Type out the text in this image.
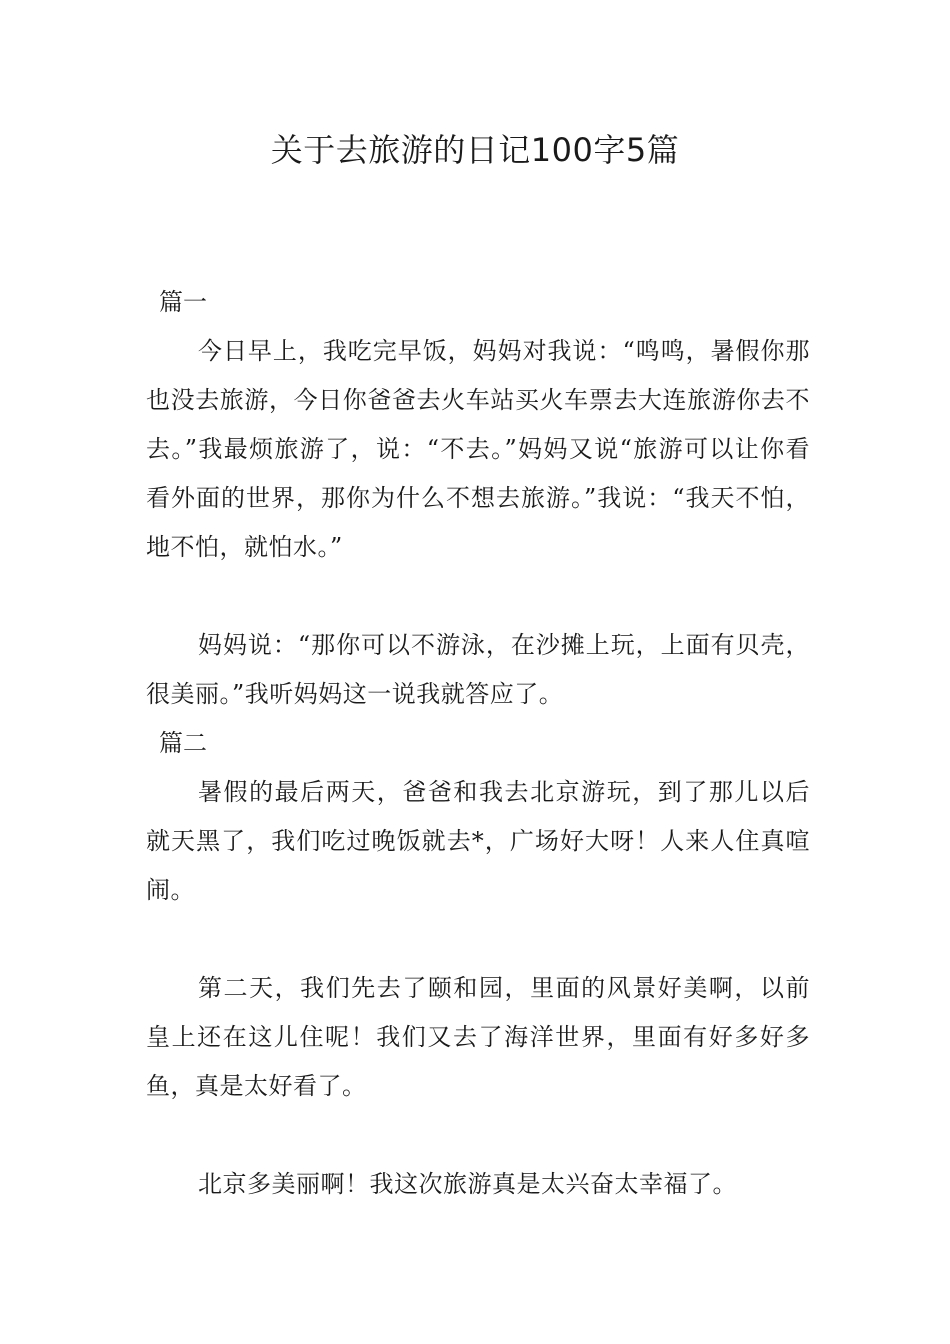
关于去旅游的日记100字5篇
篇一

今日早上，我吃完早饭，妈妈对我说：“鸣鸣，暑假你那也没去旅游，今日你爸爸去火车站买火车票去大连旅游你去不去。”我最烦旅游了，说：“不去。”妈妈又说“旅游可以让你看看外面的世界，那你为什么不想去旅游。”我说：“我天不怕，地不怕，就怕水。”

妈妈说：“那你可以不游泳，在沙摊上玩，上面有贝壳，很美丽。”我听妈妈这一说我就答应了。

篇二

暑假的最后两天，爸爸和我去北京游玩，到了那儿以后就天黑了，我们吃过晚饭就去*，广场好大呀！人来人住真喧闹。

第二天，我们先去了颐和园，里面的风景好美啊，以前皇上还在这儿住呢！我们又去了海洋世界，里面有好多好多鱼，真是太好看了。

北京多美丽啊！我这次旅游真是太兴奋太幸福了。
